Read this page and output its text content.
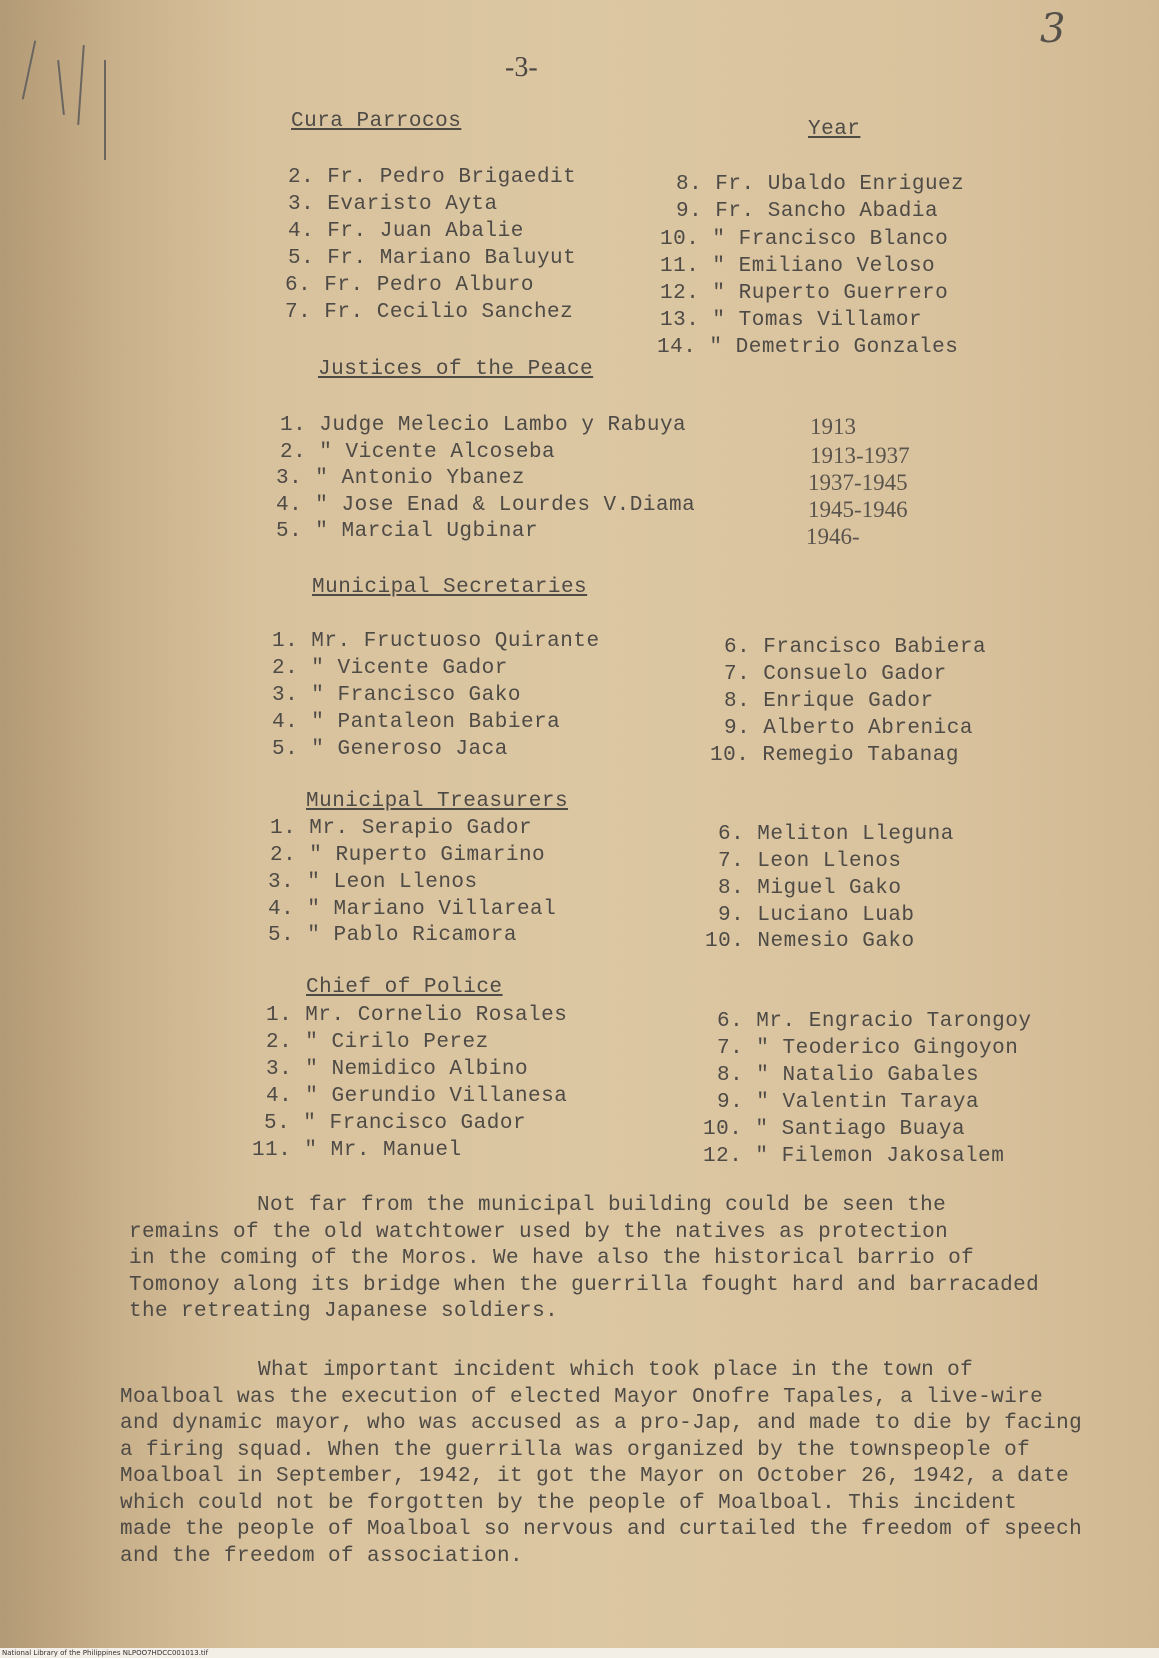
3
-3-
Cura Parrocos	Year
2. Fr. Pedro Brigaedit
3. Evaristo Ayta
4. Fr. Juan Abalie
5. Fr. Mariano Baluyut
6. Fr. Pedro Alburo
7. Fr. Cecilio Sanchez
8. Fr. Ubaldo Enriguez
9. Fr. Sancho Abadia
10. " Francisco Blanco
11. " Emiliano Veloso
12. " Ruperto Guerrero
13. " Tomas Villamor
14. " Demetrio Gonzales
Justices of the Peace
1. Judge Melecio Lambo y Rabuya
2. " Vicente Alcoseba
3. " Antonio Ybanez
4. " Jose Enad & Lourdes V.Diama
5. " Marcial Ugbinar
1913
1913-1937
1937-1945
1945-1946
1946-
Municipal Secretaries
1. Mr. Fructuoso Quirante
2. " Vicente Gador
3. " Francisco Gako
4. " Pantaleon Babiera
5. " Generoso Jaca
6. Francisco Babiera
7. Consuelo Gador
8. Enrique Gador
9. Alberto Abrenica
10. Remegio Tabanag
Municipal Treasurers
1. Mr. Serapio Gador
2. " Ruperto Gimarino
3. " Leon Llenos
4. " Mariano Villareal
5. " Pablo Ricamora
6. Meliton Lleguna
7. Leon Llenos
8. Miguel Gako
9. Luciano Luab
10. Nemesio Gako
Chief of Police
1. Mr. Cornelio Rosales
2. " Cirilo Perez
3. " Nemidico Albino
4. " Gerundio Villanesa
5. " Francisco Gador
11. " Mr. Manuel
6. Mr. Engracio Tarongoy
7. " Teoderico Gingoyon
8. " Natalio Gabales
9. " Valentin Taraya
10. " Santiago Buaya
12. " Filemon Jakosalem
Not far from the municipal building could be seen the
remains of the old watchtower used by the natives as protection
in the coming of the Moros. We have also the historical barrio of
Tomonoy along its bridge when the guerrilla fought hard and barracaded
the retreating Japanese soldiers.
What important incident which took place in the town of
Moalboal was the execution of elected Mayor Onofre Tapales, a live-wire
and dynamic mayor, who was accused as a pro-Jap, and made to die by facing
a firing squad. When the guerrilla was organized by the townspeople of
Moalboal in September, 1942, it got the Mayor on October 26, 1942, a date
which could not be forgotten by the people of Moalboal. This incident
made the people of Moalboal so nervous and curtailed the freedom of speech
and the freedom of association.
National Library of the Philippines NLPOO7HDCC001013.tif
